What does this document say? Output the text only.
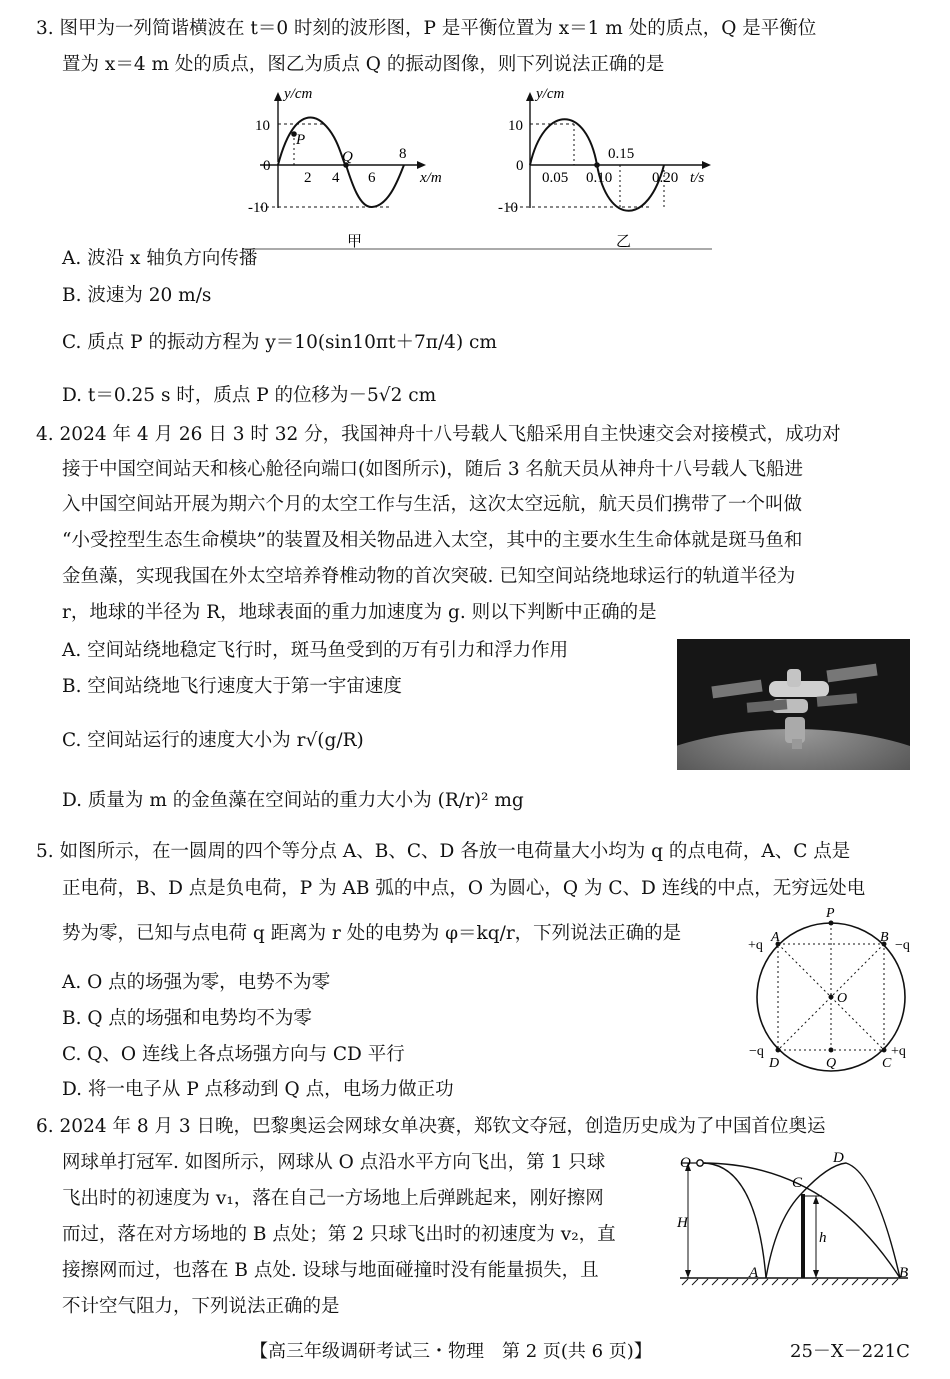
3. 图甲为一列简谐横波在 t＝0 时刻的波形图，P 是平衡位置为 x＝1 m 处的质点，Q 是平衡位
置为 x＝4 m 处的质点，图乙为质点 Q 的振动图像，则下列说法正确的是
y/cm
10
0
-10
2 4 6
8
x/m
P
Q
甲
y/cm
10
0
-10
0.05 0.10
0.15
0.20 t/s
乙
A. 波沿 x 轴负方向传播
B. 波速为 20 m/s
C. 质点 P 的振动方程为 y＝10(sin10πt＋7π/4) cm
D. t＝0.25 s 时，质点 P 的位移为－5√2 cm
4. 2024 年 4 月 26 日 3 时 32 分，我国神舟十八号载人飞船采用自主快速交会对接模式，成功对
接于中国空间站天和核心舱径向端口(如图所示)，随后 3 名航天员从神舟十八号载人飞船进
入中国空间站开展为期六个月的太空工作与生活，这次太空远航，航天员们携带了一个叫做
“小受控型生态生命模块”的装置及相关物品进入太空，其中的主要水生生命体就是斑马鱼和
金鱼藻，实现我国在外太空培养脊椎动物的首次突破. 已知空间站绕地球运行的轨道半径为
r，地球的半径为 R，地球表面的重力加速度为 g. 则以下判断中正确的是
A. 空间站绕地稳定飞行时，斑马鱼受到的万有引力和浮力作用
B. 空间站绕地飞行速度大于第一宇宙速度
C. 空间站运行的速度大小为 r√(g/R)
D. 质量为 m 的金鱼藻在空间站的重力大小为 (R/r)² mg
5. 如图所示，在一圆周的四个等分点 A、B、C、D 各放一电荷量大小均为 q 的点电荷，A、C 点是
正电荷，B、D 点是负电荷，P 为 AB 弧的中点，O 为圆心，Q 为 C、D 连线的中点，无穷远处电
势为零，已知与点电荷 q 距离为 r 处的电势为 φ＝kq/r，下列说法正确的是
A. O 点的场强为零，电势不为零
B. Q 点的场强和电势均不为零
C. Q、O 连线上各点场强方向与 CD 平行
D. 将一电子从 P 点移动到 Q 点，电场力做正功
P
A
+q
B
−q
O
−q
D	Q	C
+q
6. 2024 年 8 月 3 日晚，巴黎奥运会网球女单决赛，郑钦文夺冠，创造历史成为了中国首位奥运
网球单打冠军. 如图所示，网球从 O 点沿水平方向飞出，第 1 只球
飞出时的初速度为 v₁，落在自己一方场地上后弹跳起来，刚好擦网
而过，落在对方场地的 B 点处；第 2 只球飞出时的初速度为 v₂，直
接擦网而过，也落在 B 点处. 设球与地面碰撞时没有能量损失，且
不计空气阻力，下列说法正确的是
O
C
D
H
h
A	B
【高三年级调研考试三・物理　第 2 页(共 6 页)】	25－X－221C
